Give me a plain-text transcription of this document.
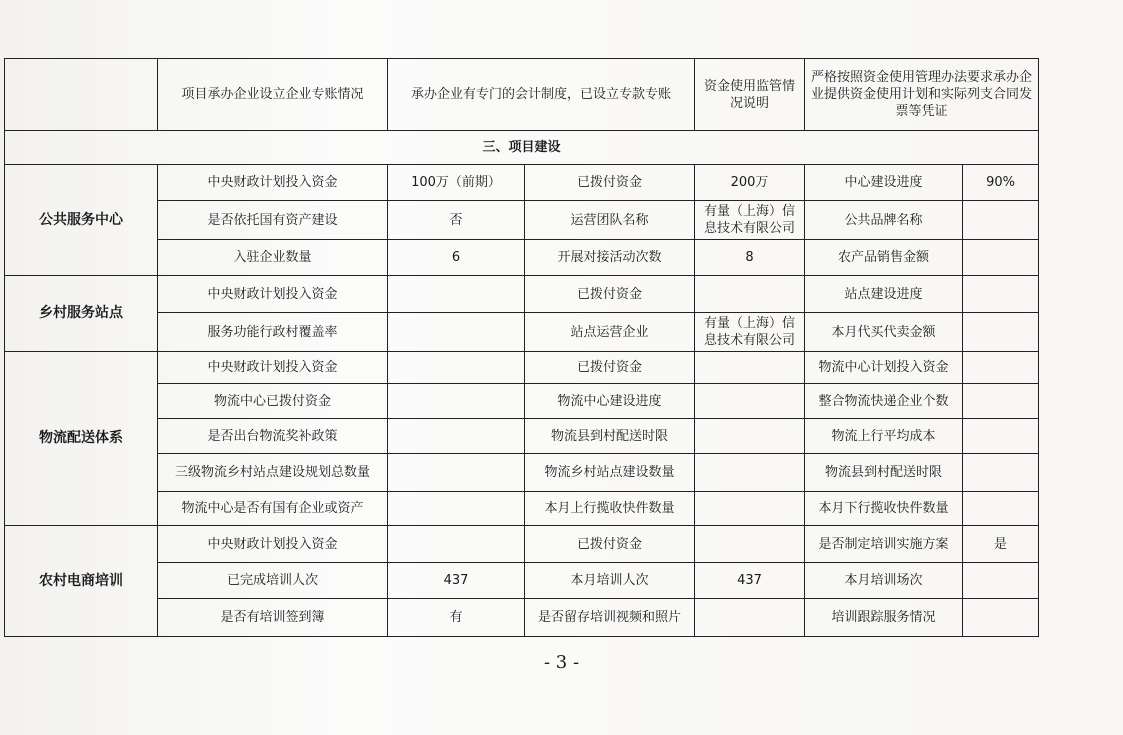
	项目承办企业设立企业专账情况	承办企业有专门的会计制度，已设立专款专账		资金使用监管情况说明	严格按照资金使用管理办法要求承办企业提供资金使用计划和实际列支合同发票等凭证	
三、项目建设						
公共服务中心	中央财政计划投入资金	100万（前期）	已拨付资金	200万	中心建设进度	90%
	是否依托国有资产建设	否	运营团队名称	有量（上海）信息技术有限公司	公共品牌名称	
	入驻企业数量	6	开展对接活动次数	8	农产品销售金额	
乡村服务站点	中央财政计划投入资金		已拨付资金		站点建设进度	
	服务功能行政村覆盖率		站点运营企业	有量（上海）信息技术有限公司	本月代买代卖金额	
物流配送体系	中央财政计划投入资金		已拨付资金		物流中心计划投入资金	
	物流中心已拨付资金		物流中心建设进度		整合物流快递企业个数	
	是否出台物流奖补政策		物流县到村配送时限		物流上行平均成本	
	三级物流乡村站点建设规划总数量		物流乡村站点建设数量		物流县到村配送时限	
	物流中心是否有国有企业或资产		本月上行揽收快件数量		本月下行揽收快件数量	
农村电商培训	中央财政计划投入资金		已拨付资金		是否制定培训实施方案	是
	已完成培训人次	437	本月培训人次	437	本月培训场次	
	是否有培训签到簿	有	是否留存培训视频和照片		培训跟踪服务情况	
- 3 -
